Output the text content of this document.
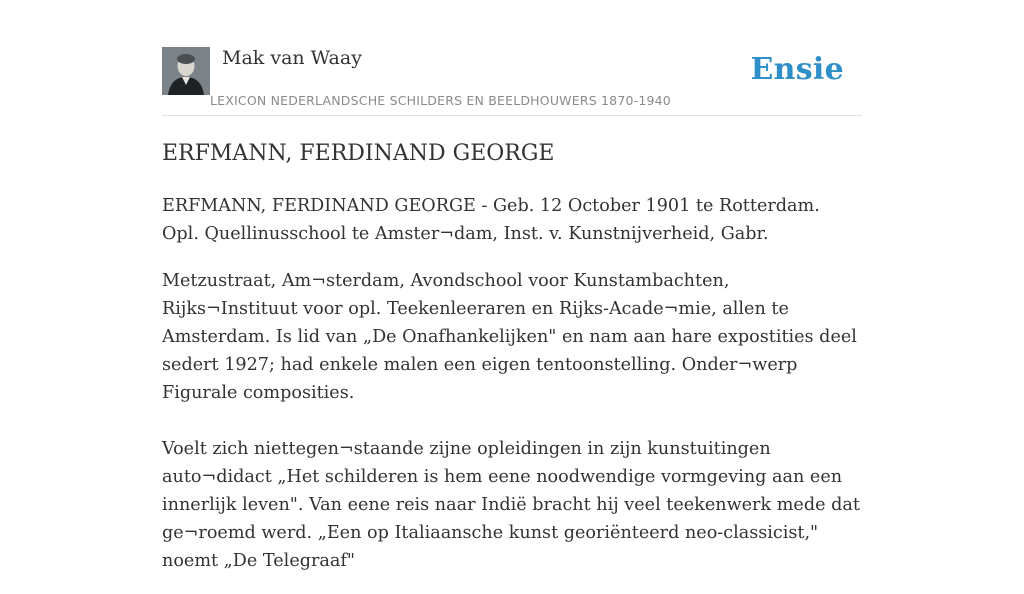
Mak van Waay
LEXICON NEDERLANDSCHE SCHILDERS EN BEELDHOUWERS 1870-1940
Ensie
ERFMANN, FERDINAND GEORGE

ERFMANN, FERDINAND GEORGE - Geb. 12 October 1901 te Rotterdam. Opl. Quellinusschool te Amster¬dam, Inst. v. Kunstnijverheid, Gabr.

Metzustraat, Am¬sterdam, Avondschool voor Kunstambachten, Rijks¬Instituut voor opl. Teekenleeraren en Rijks-Acade¬mie, allen te Amsterdam. Is lid van „De Onafhankelijken" en nam aan hare expostities deel sedert 1927; had enkele malen een eigen tentoonstelling. Onder¬werp Figurale composities.

Voelt zich niettegen¬staande zijne opleidingen in zijn kunstuitingen auto¬didact „Het schilderen is hem eene noodwendige vormgeving aan een innerlijk leven". Van eene reis naar Indië bracht hij veel teekenwerk mede dat ge¬roemd werd. „Een op Italiaansche kunst georiënteerd neo-classicist," noemt „De Telegraaf"
